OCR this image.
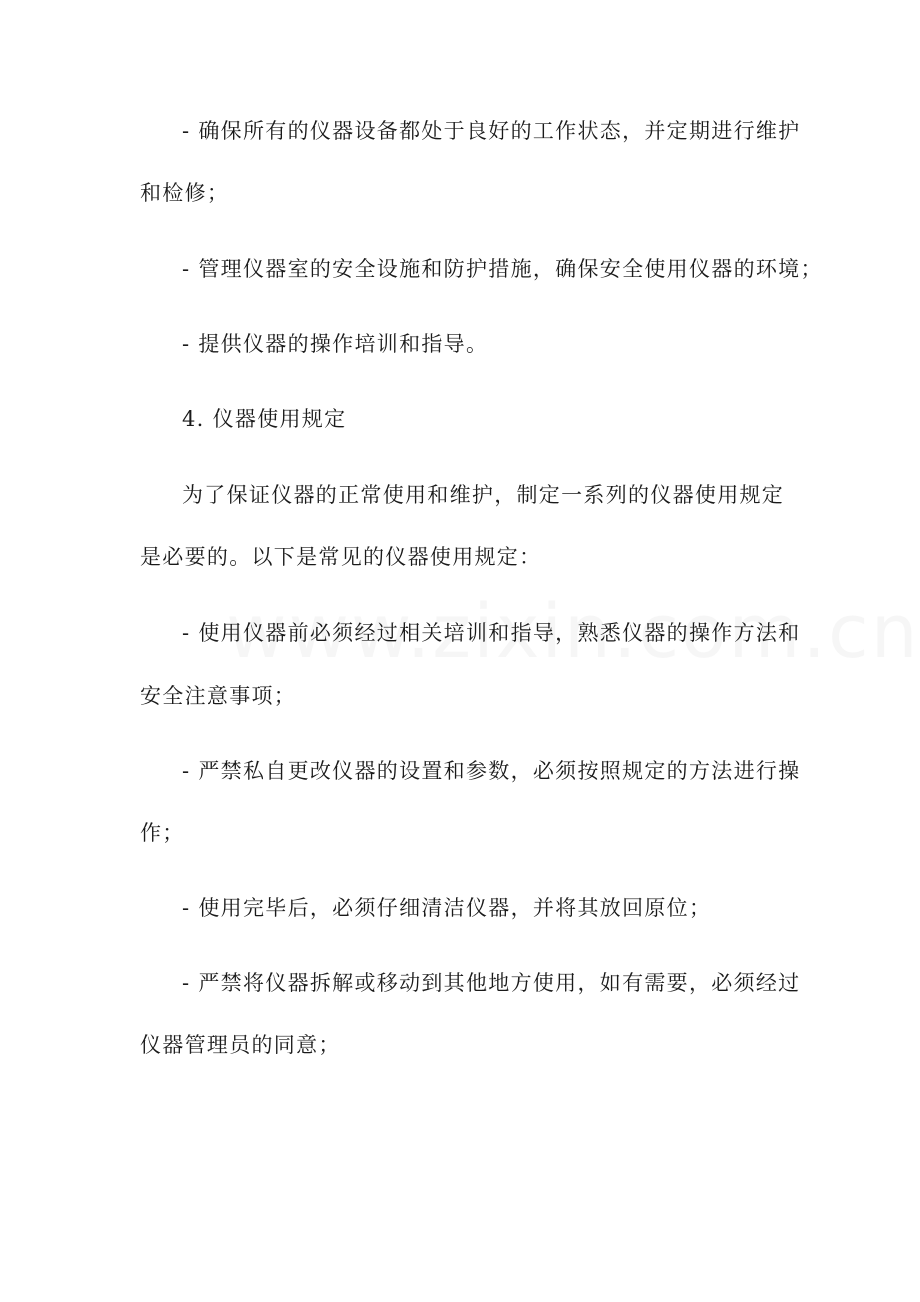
- 确保所有的仪器设备都处于良好的工作状态，并定期进行维护
和检修；
- 管理仪器室的安全设施和防护措施，确保安全使用仪器的环境；
- 提供仪器的操作培训和指导。
4. 仪器使用规定
为了保证仪器的正常使用和维护，制定一系列的仪器使用规定
是必要的。以下是常见的仪器使用规定：
- 使用仪器前必须经过相关培训和指导，熟悉仪器的操作方法和
安全注意事项；
- 严禁私自更改仪器的设置和参数，必须按照规定的方法进行操
作；
- 使用完毕后，必须仔细清洁仪器，并将其放回原位；
- 严禁将仪器拆解或移动到其他地方使用，如有需要，必须经过
仪器管理员的同意；
